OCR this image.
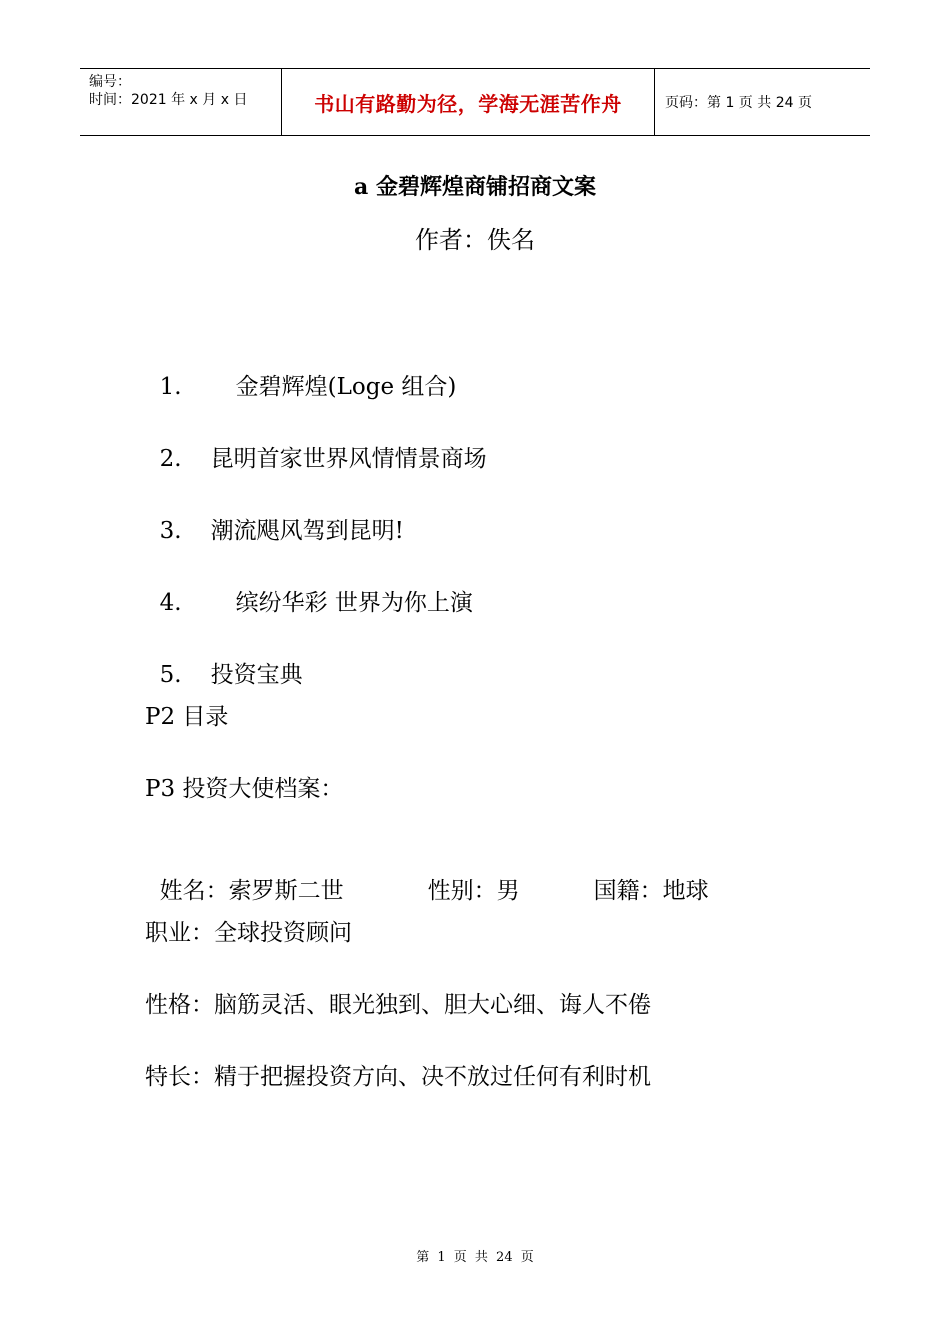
编号：
时间：2021 年 x 月 x 日	书山有路勤为径，学海无涯苦作舟	页码：第 1 页 共 24 页
a 金碧辉煌商铺招商文案
作者：佚名

1. 金碧辉煌(Loge 组合)

2. 昆明首家世界风情情景商场

3. 潮流飓风驾到昆明!

4. 缤纷华彩 世界为你上演

5. 投资宝典

P2 目录
P3 投资大使档案：

姓名：索罗斯二世	性别：男	国籍：地球

职业：全球投资顾问
性格：脑筋灵活、眼光独到、胆大心细、诲人不倦
特长：精于把握投资方向、决不放过任何有利时机
第 1 页 共 24 页
